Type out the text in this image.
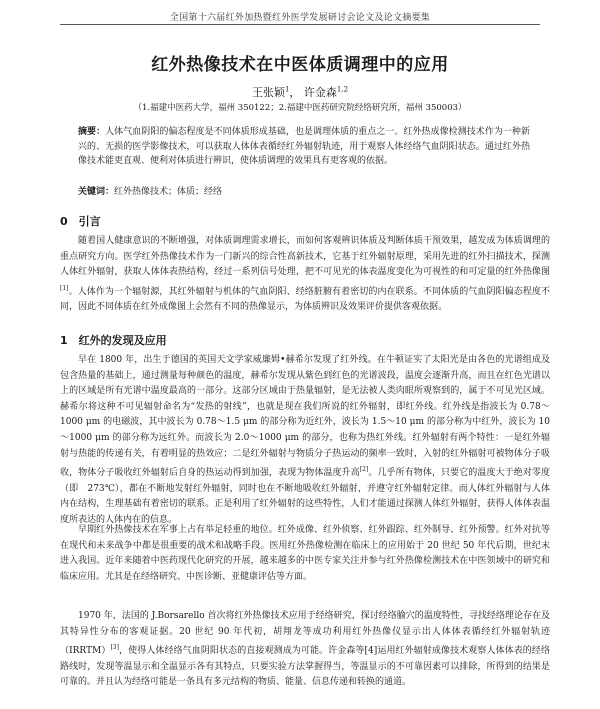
全国第十六届红外加热暨红外医学发展研讨会论文及论文摘要集
红外热像技术在中医体质调理中的应用
王张颖$^1$， 许金森$^{1,2}$
（1.福建中医药大学，福州 350122；2.福建中医药研究院经络研究所，福州 350003）
摘要：人体气血阴阳的偏态程度是不同体质形成基础，也是调理体质的重点之一。红外热成像检测技术作为一种新兴的、无损的医学影像技术，可以获取人体体表循经红外辐射轨迹，用于观察人体经络气血阴阳状态。通过红外热像技术能更直观、便利对体质进行辨识，使体质调理的效果具有更客观的依据。
关键词：红外热像技术；体质；经络
0　引言
随着国人健康意识的不断增强，对体质调理需求增长，而如何客观辨识体质及判断体质干预效果，越发成为体质调理的重点研究方向。医学红外热像技术作为一门新兴的综合性高新技术，它基于红外辐射原理，采用先进的红外扫描技术，探测人体红外辐射，获取人体体表热结构，经过一系列信号处理，把不可见光的体表温度变化为可视性的和可定量的红外热像图[1]。人体作为一个辐射源，其红外辐射与机体的气血阴阳、经络脏腑有着密切的内在联系。不同体质的气血阴阳偏态程度不同，因此不同体质在红外成像图上会然有不同的热像显示，为体质辨识及效果评价提供客观依据。
1　红外的发现及应用
早在 1800 年，出生于德国的英国天文学家威廉姆•赫希尔发现了红外线。在牛顿证实了太阳光是由各色的光谱组成及包含热量的基础上，通过测量每种颜色的温度，赫希尔发现从紫色到红色的光谱波段，温度会逐渐升高，而且在红色光谱以上的区域是所有光谱中温度最高的一部分。这部分区域由于热量辐射，是无法被人类肉眼所观察到的，属于不可见光区域。赫希尔将这种不可见辐射命名为“发热的射线”，也就是现在我们所说的红外辐射，即红外线。红外线是指波长为 0.78～1000 μm 的电磁波，其中波长为 0.78～1.5 μm 的部分称为近红外，波长为 1.5～10 μm 的部分称为中红外，波长为 10～1000 μm 的部分称为远红外。而波长为 2.0～1000 μm 的部分，也称为热红外线。红外辐射有两个特性：一是红外辐射与热能的传递有关，有着明显的热效应；二是红外辐射与物质分子热运动的频率一致时，入射的红外辐射可被物体分子吸收，物体分子吸收红外辐射后自身的热运动得到加强，表现为物体温度升高[2]。几乎所有物体，只要它的温度大于绝对零度（即　273℃），都在不断地发射红外辐射，同时也在不断地吸收红外辐射，并遵守红外辐射定律。而人体红外辐射与人体内在结构，生理基础有着密切的联系。正是利用了红外辐射的这些特性，人们才能通过探测人体红外辐射，获得人体体表温度所表达的人体内在的信息。
早期红外热像技术在军事上占有举足轻重的地位。红外成像、红外侦察、红外跟踪、红外制导、红外预警。红外对抗等在现代和未来战争中都是很重要的战术和战略手段。医用红外热像检测在临床上的应用始于 20 世纪 50 年代后期，世纪末进入我国。近年来随着中医药现代化研究的开展，越来越多的中医专家关注并参与红外热像检测技术在中医领域中的研究和临床应用。尤其是在经络研究、中医诊断、亚健康评估等方面。
1970 年，法国的 J.Borsarello 首次将红外热像技术应用于经络研究，探讨经络腧穴的温度特性，寻找经络理论存在及其特异性分布的客观证据。20 世纪 90 年代初，胡翔龙等成功利用红外热像仪显示出人体体表循经红外辐射轨迹（IRRTM）[3]，使得人体经络气血阴阳状态的直接观测成为可能。许金森等[4]运用红外辐射成像技术观察人体体表的经络路线时，发现等温显示和全温显示各有其特点，只要实验方法掌握得当，等温显示的不可靠因素可以排除，所得到的结果是可靠的。并且认为经络可能是一条具有多元结构的物质、能量、信息传递和转换的通道。
